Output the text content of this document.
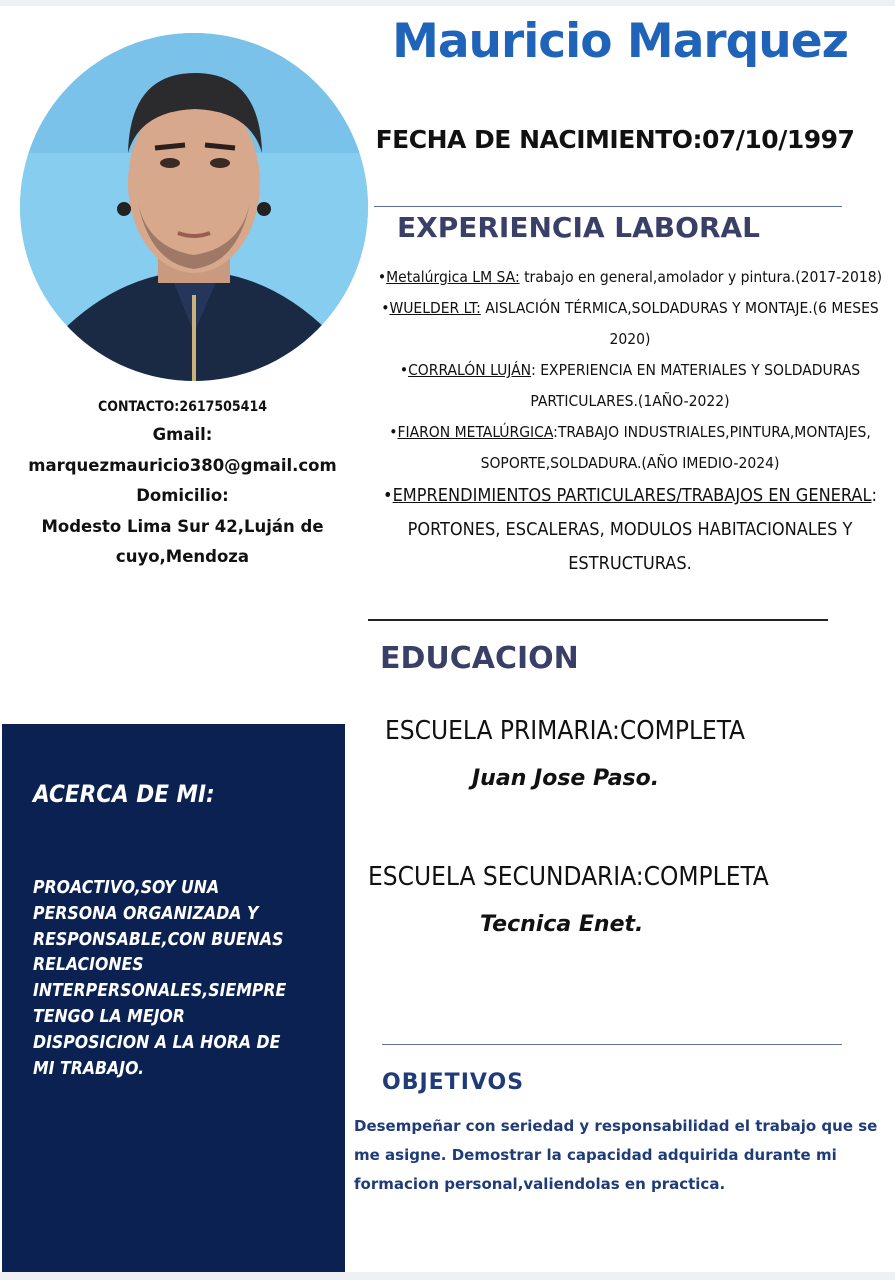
Mauricio Marquez
FECHA DE NACIMIENTO:07/10/1997
EXPERIENCIA LABORAL

•Metalúrgica LM SA: trabajo en general,amolador y pintura.(2017-2018)

•WUELDER LT: AISLACIÓN TÉRMICA,SOLDADURAS Y MONTAJE.(6 MESES 2020)

•CORRALÓN LUJÁN: EXPERIENCIA EN MATERIALES Y SOLDADURAS PARTICULARES.(1AÑO-2022)

•FIARON METALÚRGICA:TRABAJO INDUSTRIALES,PINTURA,MONTAJES, SOPORTE,SOLDADURA.(AÑO IMEDIO-2024)

•EMPRENDIMIENTOS PARTICULARES/TRABAJOS EN GENERAL: PORTONES, ESCALERAS, MODULOS HABITACIONALES Y ESTRUCTURAS.

EDUCACION
ESCUELA PRIMARIA:COMPLETA
Juan Jose Paso.
ESCUELA SECUNDARIA:COMPLETA
Tecnica Enet.
OBJETIVOS
Desempeñar con seriedad y responsabilidad el trabajo que se me asigne. Demostrar la capacidad adquirida durante mi formacion personal,valiendolas en practica.
CONTACTO:2617505414
Gmail:
marquezmauricio380@gmail.com
Domicilio:
Modesto Lima Sur 42,Luján de
cuyo,Mendoza
ACERCA DE MI:
PROACTIVO,SOY UNA
PERSONA ORGANIZADA Y
RESPONSABLE,CON BUENAS
RELACIONES
INTERPERSONALES,SIEMPRE
TENGO LA MEJOR
DISPOSICION A LA HORA DE
MI TRABAJO.
